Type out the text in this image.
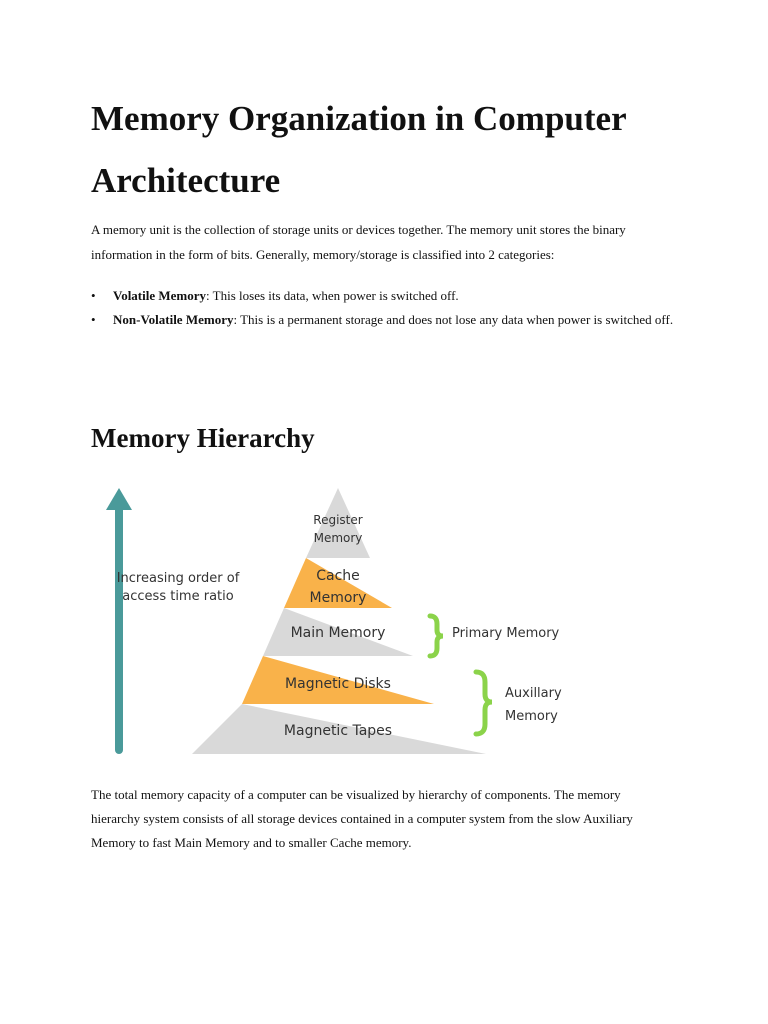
Memory Organization in Computer Architecture

A memory unit is the collection of storage units or devices together. The memory unit stores the binary information in the form of bits. Generally, memory/storage is classified into 2 categories:

• Volatile Memory: This loses its data, when power is switched off.
• Non-Volatile Memory: This is a permanent storage and does not lose any data when power is switched off.
Memory Hierarchy
Increasing order of
access time ratio
Register
Memory
Cache
Memory
Main Memory
Magnetic Disks
Magnetic Tapes
Primary Memory
Auxillary
Memory

The total memory capacity of a computer can be visualized by hierarchy of components. The memory hierarchy system consists of all storage devices contained in a computer system from the slow Auxiliary Memory to fast Main Memory and to smaller Cache memory.
